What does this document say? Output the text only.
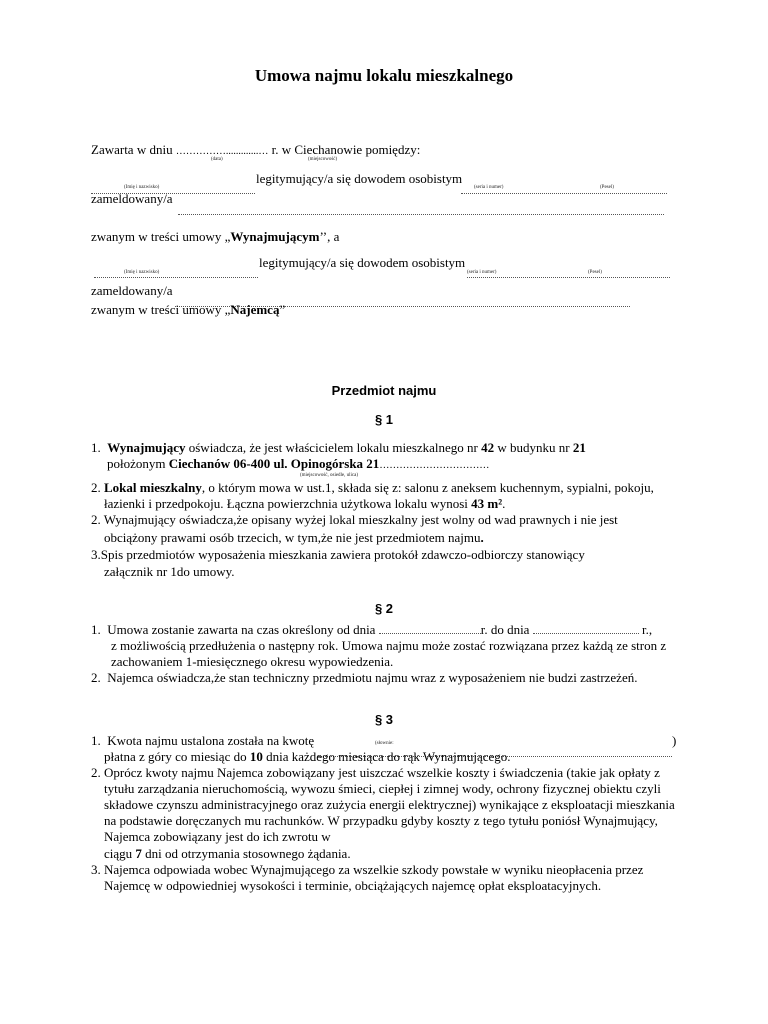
Umowa najmu lokalu mieszkalnego
Zawarta w dniu …………….............… r. w Ciechanowie pomiędzy:
(data)	(miejscowość)
legitymujący/a się dowodem osobistym
(Imię i nazwisko)	(seria i numer)	(Pesel)
zameldowany/a
zwanym w treści umowy „Wynajmującym’’, a
legitymujący/a się dowodem osobistym
(Imię i nazwisko)	(seria i numer)	(Pesel)
zameldowany/a
zwanym w treści umowy „Najemcą”
Przedmiot najmu
§ 1
1. Wynajmujący oświadcza, że jest właścicielem lokalu mieszkalnego nr 42 w budynku nr 21
położonym Ciechanów 06-400 ul. Opinogórska 21……………………………
(miejscowość, osiedle, ulica)
2. Lokal mieszkalny, o którym mowa w ust.1, składa się z: salonu z aneksem kuchennym, sypialni, pokoju,
łazienki i przedpokoju. Łączna powierzchnia użytkowa lokalu wynosi 43 m².
2. Wynajmujący oświadcza,że opisany wyżej lokal mieszkalny jest wolny od wad prawnych i nie jest
obciążony prawami osób trzecich, w tym,że nie jest przedmiotem najmu.
3.Spis przedmiotów wyposażenia mieszkania zawiera protokół zdawczo-odbiorczy stanowiący
załącznik nr 1do umowy.
§ 2
1. Umowa zostanie zawarta na czas określony od dnia	r. do dnia	r.,
z możliwością przedłużenia o następny rok. Umowa najmu może zostać rozwiązana przez każdą ze stron z
zachowaniem 1-miesięcznego okresu wypowiedzenia.
2. Najemca oświadcza,że stan techniczny przedmiotu najmu wraz z wyposażeniem nie budzi zastrzeżeń.
§ 3
1. Kwota najmu ustalona została na kwotę	(słownie:	)
płatna z góry co miesiąc do 10 dnia każdego miesiąca do rąk Wynajmującego.
2. Oprócz kwoty najmu Najemca zobowiązany jest uiszczać wszelkie koszty i świadczenia (takie jak opłaty z
tytułu zarządzania nieruchomością, wywozu śmieci, ciepłej i zimnej wody, ochrony fizycznej obiektu czyli
składowe czynszu administracyjnego oraz zużycia energii elektrycznej) wynikające z eksploatacji mieszkania
na podstawie doręczanych mu rachunków. W przypadku gdyby koszty z tego tytułu poniósł Wynajmujący,
Najemca zobowiązany jest do ich zwrotu w
ciągu 7 dni od otrzymania stosownego żądania.
3. Najemca odpowiada wobec Wynajmującego za wszelkie szkody powstałe w wyniku nieopłacenia przez
Najemcę w odpowiedniej wysokości i terminie, obciążających najemcę opłat eksploatacyjnych.
